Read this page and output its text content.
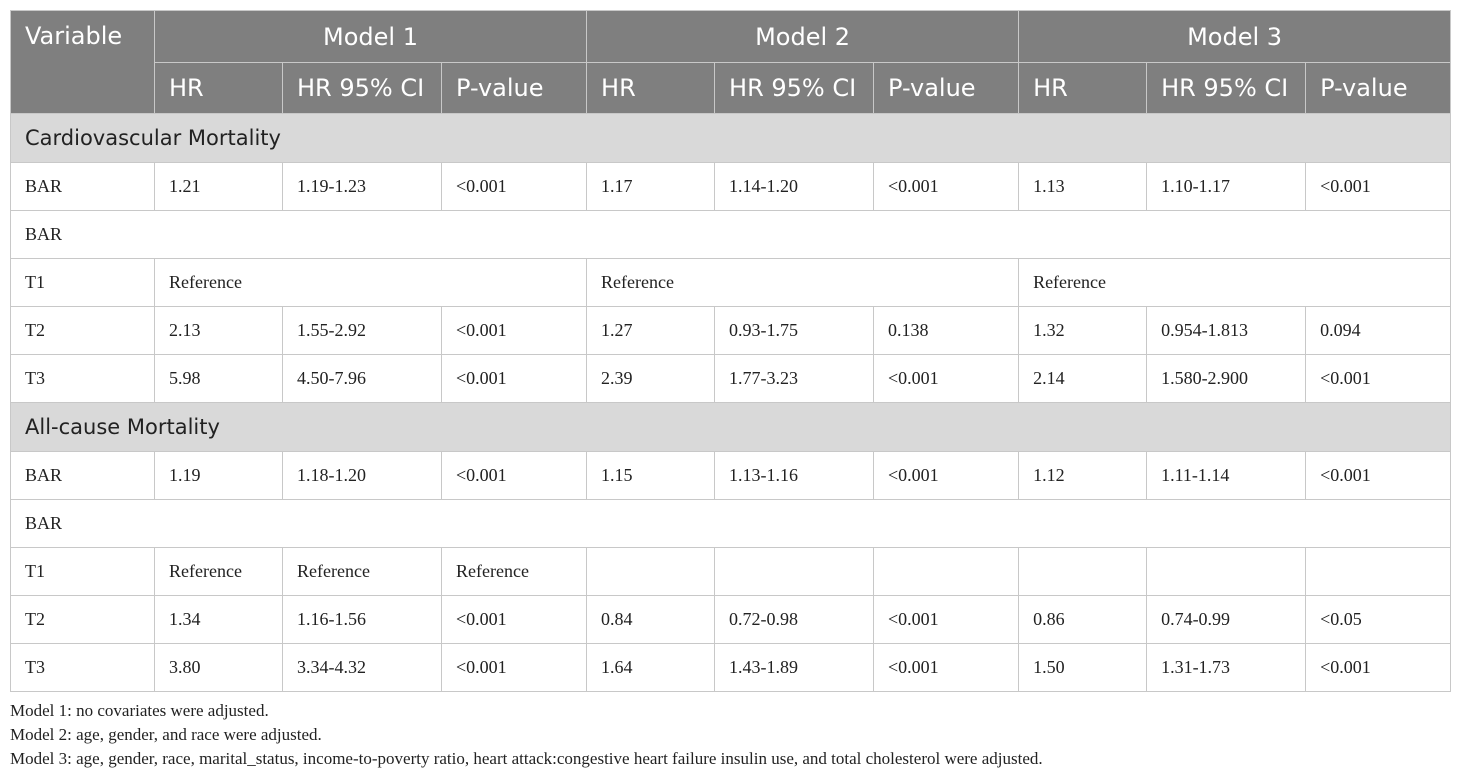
Variable	Model 1			Model 2			Model 3		
	HR	HR 95% CI	P-value	HR	HR 95% CI	P-value	HR	HR 95% CI	P-value
Cardiovascular Mortality									
BAR	1.21	1.19-1.23	<0.001	1.17	1.14-1.20	<0.001	1.13	1.10-1.17	<0.001
BAR									
T1	Reference			Reference			Reference		
T2	2.13	1.55-2.92	<0.001	1.27	0.93-1.75	0.138	1.32	0.954-1.813	0.094
T3	5.98	4.50-7.96	<0.001	2.39	1.77-3.23	<0.001	2.14	1.580-2.900	<0.001
All-cause Mortality									
BAR	1.19	1.18-1.20	<0.001	1.15	1.13-1.16	<0.001	1.12	1.11-1.14	<0.001
BAR									
T1	Reference	Reference	Reference						
T2	1.34	1.16-1.56	<0.001	0.84	0.72-0.98	<0.001	0.86	0.74-0.99	<0.05
T3	3.80	3.34-4.32	<0.001	1.64	1.43-1.89	<0.001	1.50	1.31-1.73	<0.001
Model 1: no covariates were adjusted.
Model 2: age, gender, and race were adjusted.
Model 3: age, gender, race, marital_status, income-to-poverty ratio, heart attack:congestive heart failure insulin use, and total cholesterol were adjusted.
